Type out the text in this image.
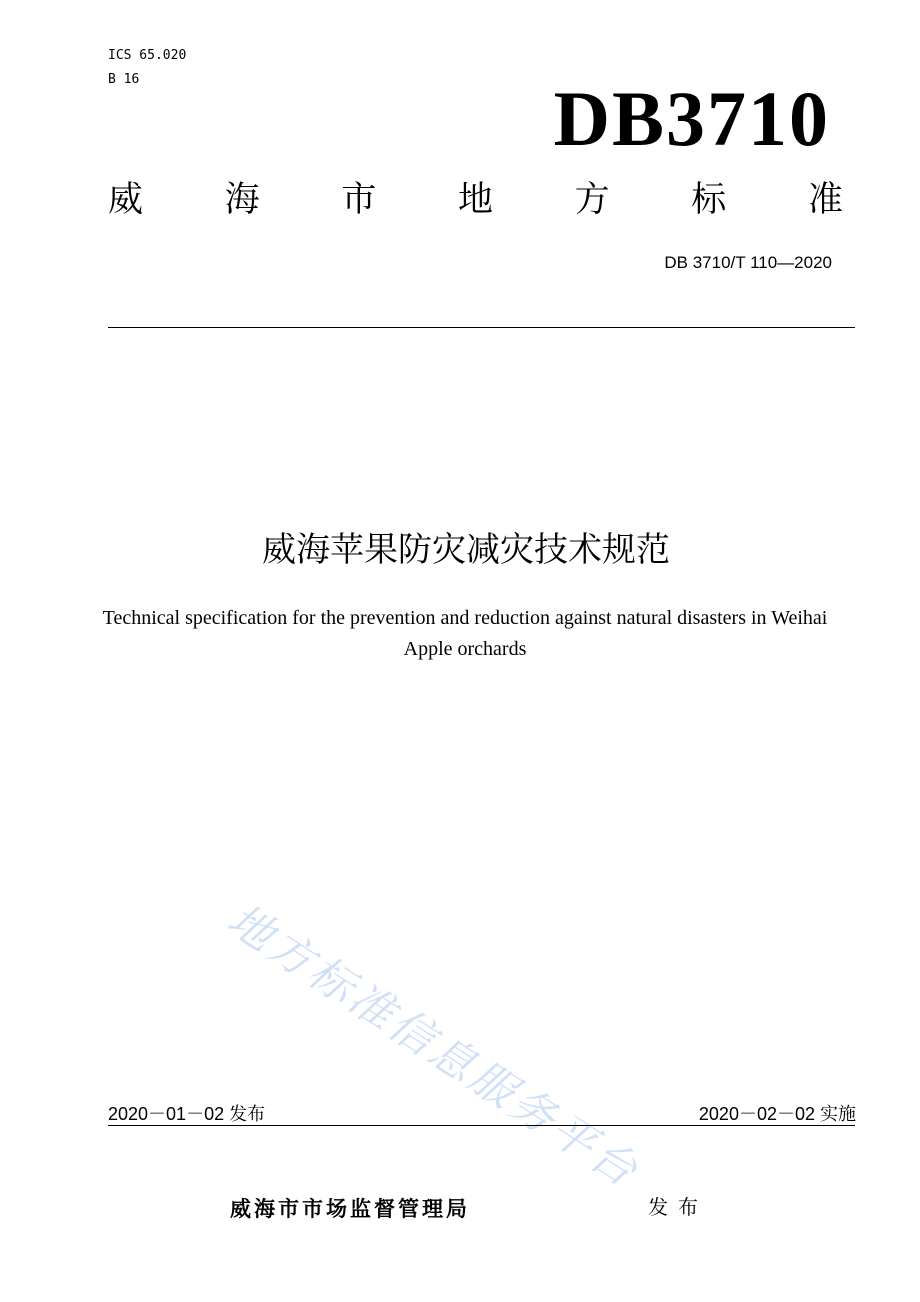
ICS 65.020
B 16	DB3710
威 海 市 地 方 标 准
DB 3710/T 110—2020
威海苹果防灾减灾技术规范
Technical specification for the prevention and reduction against natural disasters in Weihai Apple orchards
地方标准信息服务平台
2020－01－02 发布	2020－02－02 实施
威海市市场监督管理局	发布
